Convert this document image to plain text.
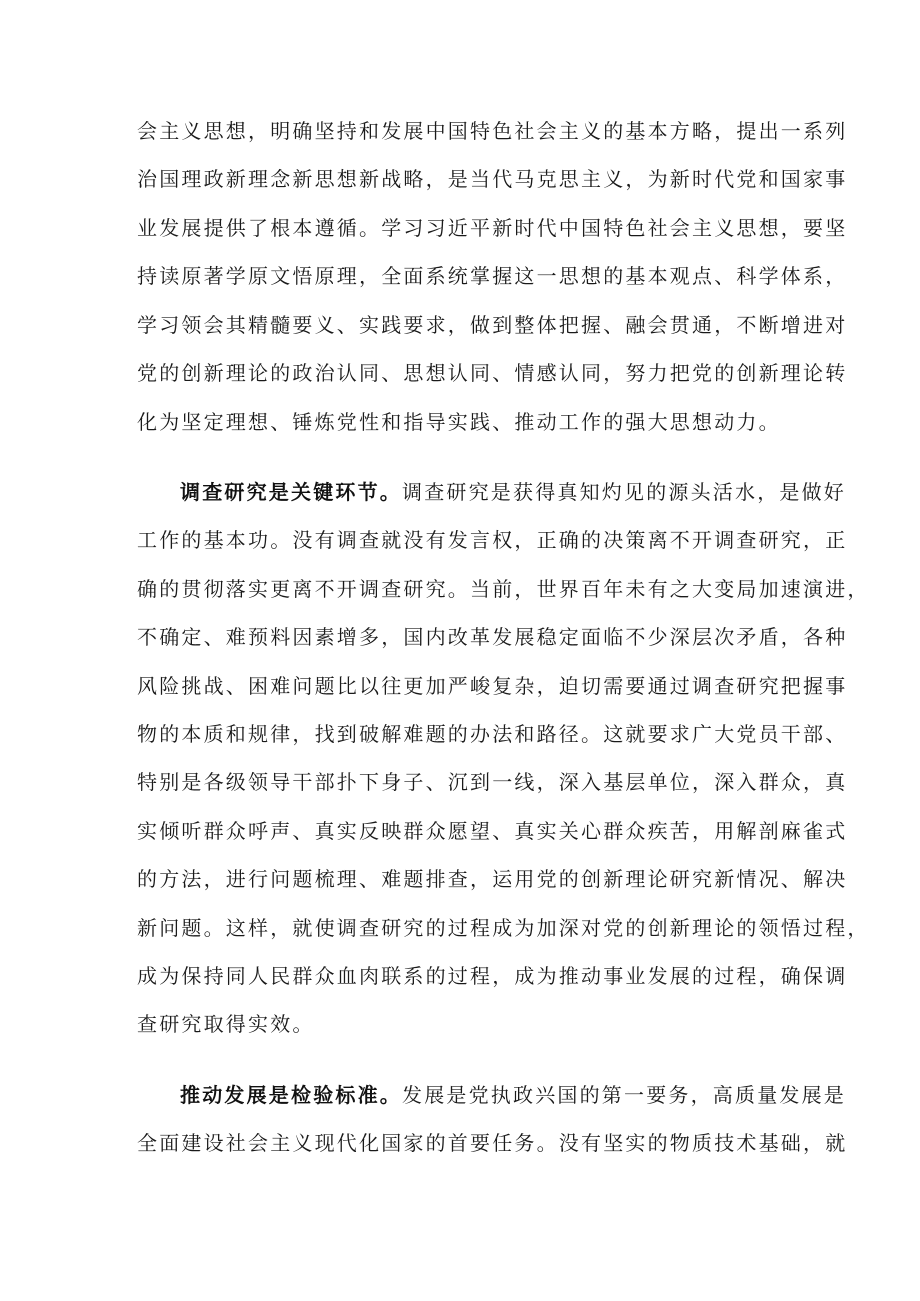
会主义思想，明确坚持和发展中国特色社会主义的基本方略，提出一系列
治国理政新理念新思想新战略，是当代马克思主义，为新时代党和国家事
业发展提供了根本遵循。学习习近平新时代中国特色社会主义思想，要坚
持读原著学原文悟原理，全面系统掌握这一思想的基本观点、科学体系，
学习领会其精髓要义、实践要求，做到整体把握、融会贯通，不断增进对
党的创新理论的政治认同、思想认同、情感认同，努力把党的创新理论转
化为坚定理想、锤炼党性和指导实践、推动工作的强大思想动力。
调查研究是关键环节。调查研究是获得真知灼见的源头活水，是做好
工作的基本功。没有调查就没有发言权，正确的决策离不开调查研究，正
确的贯彻落实更离不开调查研究。当前，世界百年未有之大变局加速演进，
不确定、难预料因素增多，国内改革发展稳定面临不少深层次矛盾，各种
风险挑战、困难问题比以往更加严峻复杂，迫切需要通过调查研究把握事
物的本质和规律，找到破解难题的办法和路径。这就要求广大党员干部、
特别是各级领导干部扑下身子、沉到一线，深入基层单位，深入群众，真
实倾听群众呼声、真实反映群众愿望、真实关心群众疾苦，用解剖麻雀式
的方法，进行问题梳理、难题排查，运用党的创新理论研究新情况、解决
新问题。这样，就使调查研究的过程成为加深对党的创新理论的领悟过程，
成为保持同人民群众血肉联系的过程，成为推动事业发展的过程，确保调
查研究取得实效。
推动发展是检验标准。发展是党执政兴国的第一要务，高质量发展是
全面建设社会主义现代化国家的首要任务。没有坚实的物质技术基础，就
